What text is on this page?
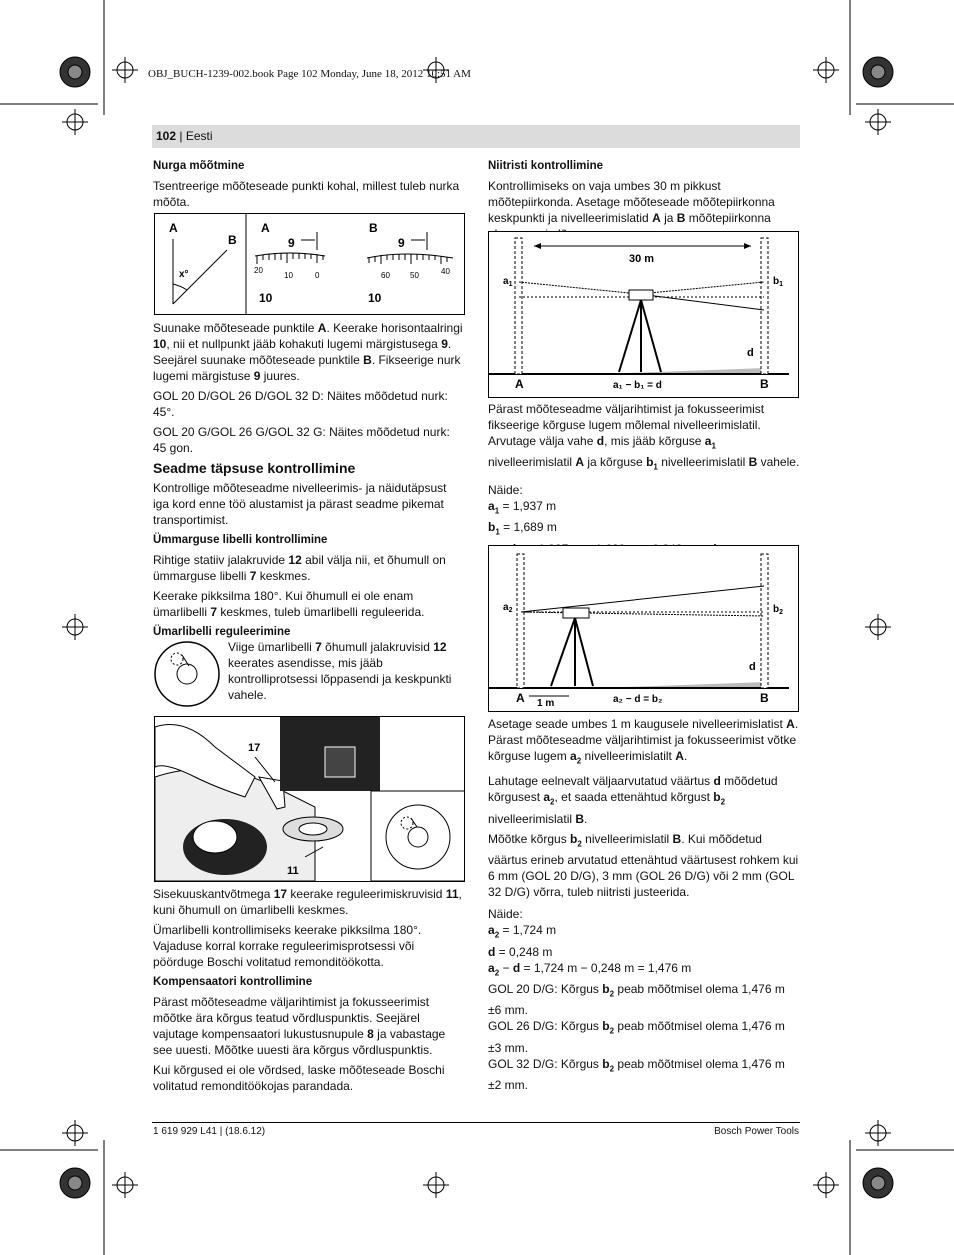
OBJ_BUCH-1239-002.book Page 102 Monday, June 18, 2012 10:51 AM
102 | Eesti
Nurga mõõtmine

Tsentreerige mõõteseade punkti kohal, millest tuleb nurka mõõta.

A
B
x°
A
9
20
10	0
10
B
9
60	50	40
10

Suunake mõõteseade punktile A. Keerake horisontaalringi 10, nii et nullpunkt jääb kohakuti lugemi märgistusega 9. Seejärel suunake mõõteseade punktile B. Fikseerige nurk lugemi märgistuse 9 juures.

GOL 20 D/GOL 26 D/GOL 32 D: Näites mõõdetud nurk: 45°.

GOL 20 G/GOL 26 G/GOL 32 G: Näites mõõdetud nurk: 45 gon.

Seadme täpsuse kontrollimine

Kontrollige mõõteseadme nivelleerimis- ja näidutäpsust iga kord enne töö alustamist ja pärast seadme pikemat transportimist.

Ümmarguse libelli kontrollimine

Rihtige statiiv jalakruvide 12 abil välja nii, et õhumull on ümmarguse libelli 7 keskmes.

Keerake pikksilma 180°. Kui õhumull ei ole enam ümarlibelli 7 keskmes, tuleb ümarlibelli reguleerida.

Ümarlibelli reguleerimine

Viige ümarlibelli 7 õhumull jalakruvisid 12 keerates asendisse, mis jääb kontrolliprotsessi lõppasendi ja keskpunkti vahele.

17
11

Sisekuuskantvõtmega 17 keerake reguleerimiskruvisid 11, kuni õhumull on ümarlibelli keskmes.

Ümarlibelli kontrollimiseks keerake pikksilma 180°. Vajaduse korral korrake reguleerimisprotsessi või pöörduge Boschi volitatud remonditöökotta.

Kompensaatori kontrollimine

Pärast mõõteseadme väljarihtimist ja fokusseerimist mõõtke ära kõrgus teatud võrdluspunktis. Seejärel vajutage kompensaatori lukustusnupule 8 ja vabastage see uuesti. Mõõtke uuesti ära kõrgus võrdluspunktis.

Kui kõrgused ei ole võrdsed, laske mõõteseade Boschi volitatud remonditöökojas parandada.

Niitristi kontrollimine

Kontrollimiseks on vaja umbes 30 m pikkust mõõtepiirkonda. Asetage mõõteseade mõõtepiirkonna keskpunkti ja nivelleerimislatid A ja B mõõtepiirkonna

30 m
$a_1$	$b_1$
d
A	a₁ − b₁ = d	B

Pärast mõõteseadme väljarihtimist ja fokusseerimist fikseerige kõrguse lugem mõlemal nivelleerimislatil. Arvutage välja vahe d, mis jääb kõrguse $a_1$ nivelleerimislatil A ja kõrguse $b_1$ nivelleerimislatil B vahele.

Näide:

$a_1 = 1,937$ m

$b_1 = 1,689$ m

$a_2$	$b_2$
d
A 1 m	a₂ − d = b₂	B

Asetage seade umbes 1 m kaugusele nivelleerimislatist A. Pärast mõõteseadme väljarihtimist ja fokusseerimist võtke kõrguse lugem $a_2$ nivelleerimislatilt A.

Lahutage eelnevalt väljaarvutatud väärtus d mõõdetud kõrgusest $a_2$, et saada ettenähtud kõrgust $b_2$ nivelleerimislatil B.

Mõõtke kõrgus $b_2$ nivelleerimislatil B. Kui mõõdetud väärtus erineb arvutatud ettenähtud väärtusest rohkem kui 6 mm (GOL 20 D/G), 3 mm (GOL 26 D/G) või 2 mm (GOL 32 D/G) võrra, tuleb niitristi justeerida.

Näide:

$a_2 = 1,724$ m

d = 0,248 m

$a_2 - d = 1,724$ m − 0,248 m = 1,476 m

GOL 20 D/G: Kõrgus $b_2$ peab mõõtmisel olema 1,476 m ±6 mm.

GOL 26 D/G: Kõrgus $b_2$ peab mõõtmisel olema 1,476 m ±3 mm.

GOL 32 D/G: Kõrgus $b_2$ peab mõõtmisel olema 1,476 m ±2 mm.

1 619 929 L41 | (18.6.12)	Bosch Power Tools
